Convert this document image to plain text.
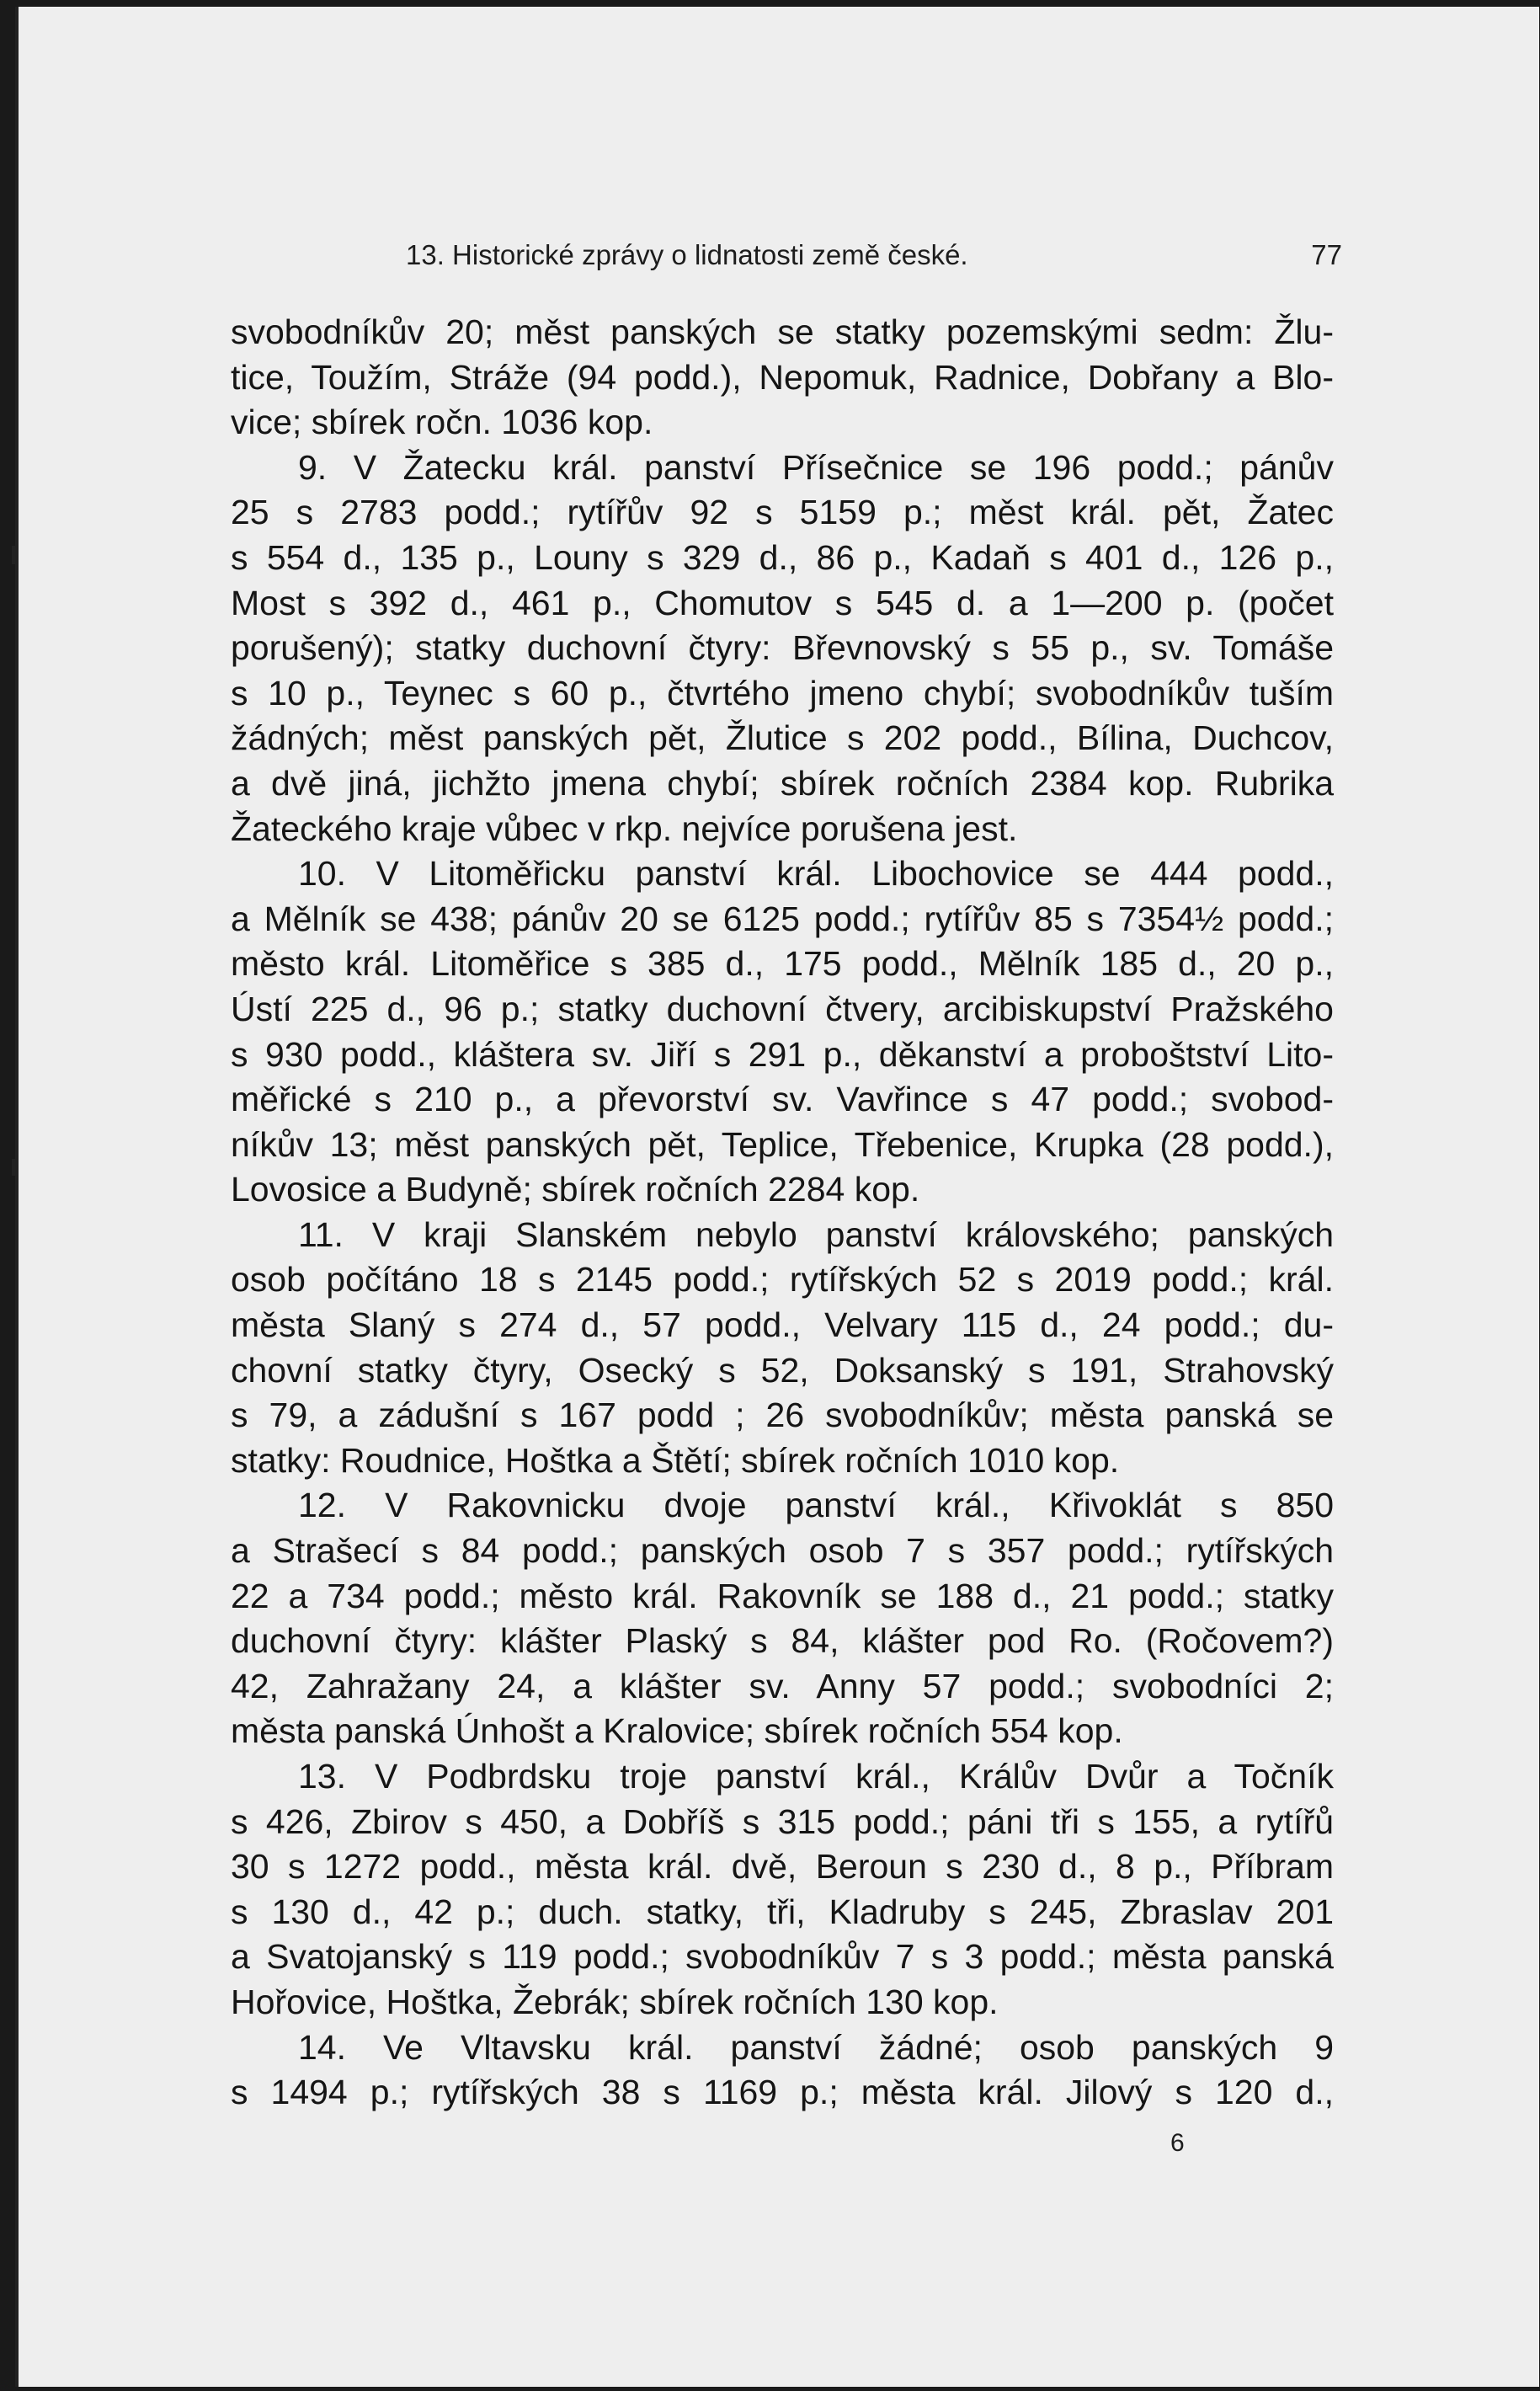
13. Historické zprávy o lidnatosti země české.	77
svobodníkův 20; měst panských se statky pozemskými sedm: Žlu-
tice, Toužím, Stráže (94 podd.), Nepomuk, Radnice, Dobřany a Blo-
vice; sbírek ročn. 1036 kop.
9. V Žatecku král. panství Přísečnice se 196 podd.; pánův
25 s 2783 podd.; rytířův 92 s 5159 p.; měst král. pět, Žatec
s 554 d., 135 p., Louny s 329 d., 86 p., Kadaň s 401 d., 126 p.,
Most s 392 d., 461 p., Chomutov s 545 d. a 1—200 p. (počet
porušený); statky duchovní čtyry: Břevnovský s 55 p., sv. Tomáše
s 10 p., Teynec s 60 p., čtvrtého jmeno chybí; svobodníkův tuším
žádných; měst panských pět, Žlutice s 202 podd., Bílina, Duchcov,
a dvě jiná, jichžto jmena chybí; sbírek ročních 2384 kop. Rubrika
Žateckého kraje vůbec v rkp. nejvíce porušena jest.
10. V Litoměřicku panství král. Libochovice se 444 podd.,
a Mělník se 438; pánův 20 se 6125 podd.; rytířův 85 s 7354½ podd.;
město král. Litoměřice s 385 d., 175 podd., Mělník 185 d., 20 p.,
Ústí 225 d., 96 p.; statky duchovní čtvery, arcibiskupství Pražského
s 930 podd., kláštera sv. Jiří s 291 p., děkanství a proboštství Lito-
měřické s 210 p., a převorství sv. Vavřince s 47 podd.; svobod-
níkův 13; měst panských pět, Teplice, Třebenice, Krupka (28 podd.),
Lovosice a Budyně; sbírek ročních 2284 kop.
11. V kraji Slanském nebylo panství královského; panských
osob počítáno 18 s 2145 podd.; rytířských 52 s 2019 podd.; král.
města Slaný s 274 d., 57 podd., Velvary 115 d., 24 podd.; du-
chovní statky čtyry, Osecký s 52, Doksanský s 191, Strahovský
s 79, a zádušní s 167 podd ; 26 svobodníkův; města panská se
statky: Roudnice, Hoštka a Štětí; sbírek ročních 1010 kop.
12. V Rakovnicku dvoje panství král., Křivoklát s 850
a Strašecí s 84 podd.; panských osob 7 s 357 podd.; rytířských
22 a 734 podd.; město král. Rakovník se 188 d., 21 podd.; statky
duchovní čtyry: klášter Plaský s 84, klášter pod Ro. (Ročovem?)
42, Zahražany 24, a klášter sv. Anny 57 podd.; svobodníci 2;
města panská Únhošt a Kralovice; sbírek ročních 554 kop.
13. V Podbrdsku troje panství král., Králův Dvůr a Točník
s 426, Zbirov s 450, a Dobříš s 315 podd.; páni tři s 155, a rytířů
30 s 1272 podd., města král. dvě, Beroun s 230 d., 8 p., Příbram
s 130 d., 42 p.; duch. statky, tři, Kladruby s 245, Zbraslav 201
a Svatojanský s 119 podd.; svobodníkův 7 s 3 podd.; města panská
Hořovice, Hoštka, Žebrák; sbírek ročních 130 kop.
14. Ve Vltavsku král. panství žádné; osob panských 9
s 1494 p.; rytířských 38 s 1169 p.; města král. Jilový s 120 d.,
6
